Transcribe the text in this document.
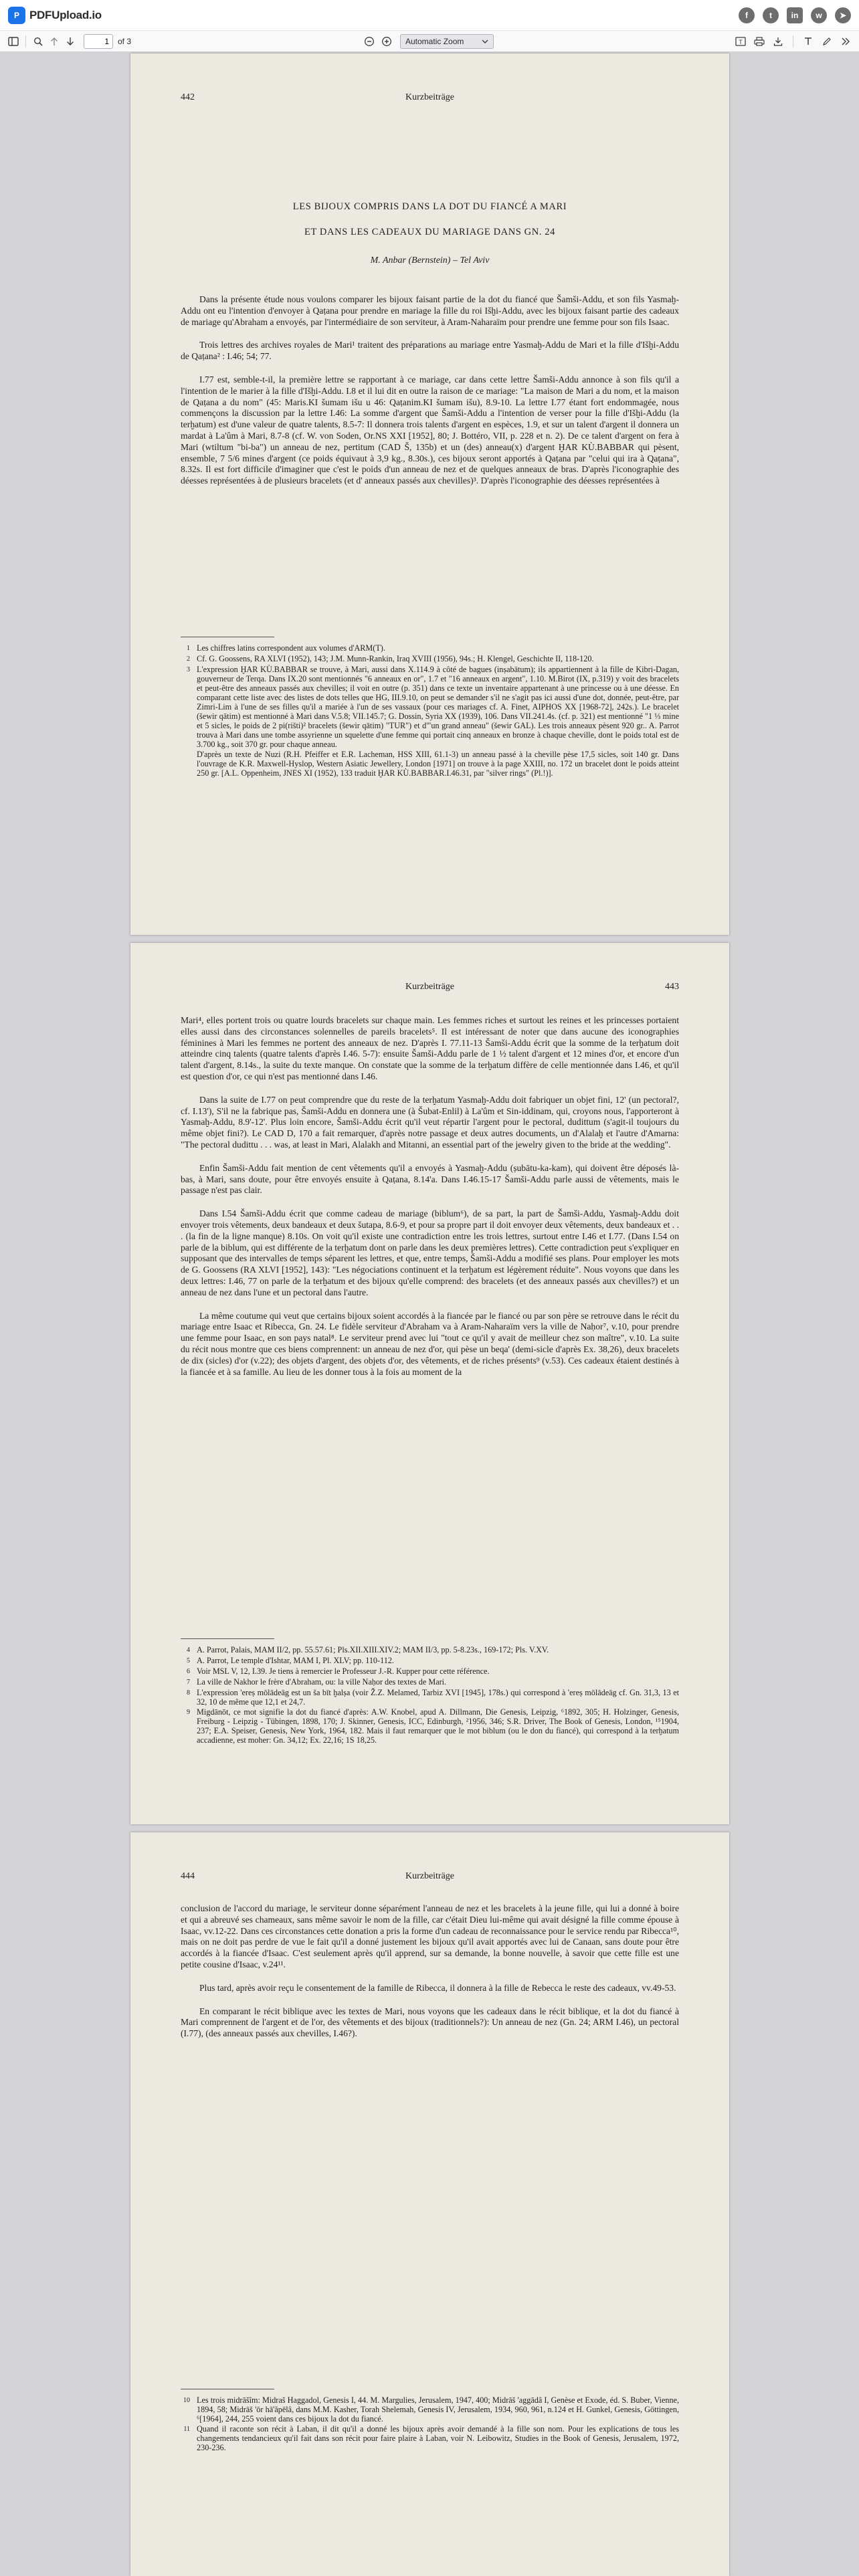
P PDFUpload.io	f	t	in	w	➤
1
of 3	Automatic Zoom	T
442	Kurzbeiträge
LES BIJOUX COMPRIS DANS LA DOT DU FIANCÉ A MARI
ET DANS LES CADEAUX DU MARIAGE DANS GN. 24
M. Anbar (Bernstein) – Tel Aviv
Dans la présente étude nous voulons comparer les bijoux faisant partie de la dot du fiancé que Šamši-Addu, et son fils Yasmaḫ-Addu ont eu l'intention d'envoyer à Qaṭana pour prendre en mariage la fille du roi Išḫi-Addu, avec les bijoux faisant partie des cadeaux de mariage qu'Abraham a envoyés, par l'intermédiaire de son serviteur, à Aram-Naharaïm pour prendre une femme pour son fils Isaac.
Trois lettres des archives royales de Mari¹ traitent des préparations au mariage entre Yasmaḫ-Addu de Mari et la fille d'Išḫi-Addu de Qaṭana² : I.46; 54; 77.
I.77 est, semble-t-il, la première lettre se rapportant à ce mariage, car dans cette lettre Šamši-Addu annonce à son fils qu'il a l'intention de le marier à la fille d'Išḫi-Addu. I.8 et il lui dit en outre la raison de ce mariage: "La maison de Mari a du nom, et la maison de Qaṭana a du nom" (45: Maris.KI šumam išu u 46: Qaṭanim.KI šumam išu), 8.9-10. La lettre I.77 étant fort endommagée, nous commençons la discussion par la lettre I.46: La somme d'argent que Šamši-Addu a l'intention de verser pour la fille d'Išḫi-Addu (la terḫatum) est d'une valeur de quatre talents, 8.5-7: Il donnera trois talents d'argent en espèces, 1.9, et sur un talent d'argent il donnera un mardat à La'ûm à Mari, 8.7-8 (cf. W. von Soden, Or.NS XXI [1952], 80; J. Bottéro, VII, p. 228 et n. 2). De ce talent d'argent on fera à Mari (wtiltum "bi-ba") un anneau de nez, pertitum (CAD Š, 135b) et un (des) anneau(x) d'argent ḪAR KÙ.BABBAR qui pèsent, ensemble, 7 5/6 mines d'argent (ce poids équivaut à 3,9 kg., 8.30s.), ces bijoux seront apportés à Qaṭana par "celui qui ira à Qaṭana", 8.32s. Il est fort difficile d'imaginer que c'est le poids d'un anneau de nez et de quelques anneaux de bras. D'après l'iconographie des déesses représentées à de plusieurs bracelets (et d' anneaux passés aux chevilles)³. D'après l'iconographie des déesses représentées à
1 Les chiffres latins correspondent aux volumes d'ARM(T).
2 Cf. G. Goossens, RA XLVI (1952), 143; J.M. Munn-Rankin, Iraq XVIII (1956), 94s.; H. Klengel, Geschichte II, 118-120.
3 L'expression ḪAR KÙ.BABBAR se trouve, à Mari, aussi dans X.114.9 à côté de bagues (inṣabātum); ils appartiennent à la fille de Kibri-Dagan, gouverneur de Terqa. Dans IX.20 sont mentionnés "6 anneaux en or", 1.7 et "16 anneaux en argent", 1.10. M.Birot (IX, p.319) y voit des bracelets et peut-être des anneaux passés aux chevilles; il voit en outre (p. 351) dans ce texte un inventaire appartenant à une princesse ou à une déesse. En comparant cette liste avec des listes de dots telles que HG, III.9.10, on peut se demander s'il ne s'agit pas ici aussi d'une dot, donnée, peut-être, par Zimri-Lim à l'une de ses filles qu'il a mariée à l'un de ses vassaux (pour ces mariages cf. A. Finet, AIPHOS XX [1968-72], 242s.). Le bracelet (šewir qātim) est mentionné à Mari dans V.5.8; VII.145.7; G. Dossin, Syria XX (1939), 106. Dans VII.241.4s. (cf. p. 321) est mentionné "1 ⅓ mine et 5 sicles, le poids de 2 pi(rišti)² bracelets (šewir qātim) "TUR") et d'"un grand anneau" (šewir GAL). Les trois anneaux pèsent 920 gr.. A. Parrot trouva à Mari dans une tombe assyrienne un squelette d'une femme qui portait cinq anneaux en bronze à chaque cheville, dont le poids total est de 3.700 kg., soit 370 gr. pour chaque anneau.
D'après un texte de Nuzi (R.H. Pfeiffer et E.R. Lacheman, HSS XIII, 61.1-3) un anneau passé à la cheville pèse 17,5 sicles, soit 140 gr. Dans l'ouvrage de K.R. Maxwell-Hyslop, Western Asiatic Jewellery, London [1971] on trouve à la page XXIII, no. 172 un bracelet dont le poids atteint 250 gr. [A.L. Oppenheim, JNES XI (1952), 133 traduit ḪAR KÙ.BABBAR.I.46.31, par "silver rings" (Pl.!)].
Kurzbeiträge	443
Mari⁴, elles portent trois ou quatre lourds bracelets sur chaque main. Les femmes riches et surtout les reines et les princesses portaient elles aussi dans des circonstances solennelles de pareils bracelets⁵. Il est intéressant de noter que dans aucune des iconographies féminines à Mari les femmes ne portent des anneaux de nez. D'après I. 77.11-13 Šamši-Addu écrit que la somme de la terḫatum doit atteindre cinq talents (quatre talents d'après I.46. 5-7): ensuite Šamši-Addu parle de 1 ½ talent d'argent et 12 mines d'or, et encore d'un talent d'argent, 8.14s., la suite du texte manque. On constate que la somme de la terḫatum diffère de celle mentionnée dans I.46, et qu'il est question d'or, ce qui n'est pas mentionné dans I.46.
Dans la suite de I.77 on peut comprendre que du reste de la terḫatum Yasmaḫ-Addu doit fabriquer un objet fini, 12' (un pectoral?, cf. I.13'), S'il ne la fabrique pas, Šamši-Addu en donnera une (à Šubat-Enlil) à La'ûm et Sin-iddinam, qui, croyons nous, l'apporteront à Yasmaḫ-Addu, 8.9'-12'. Plus loin encore, Šamši-Addu écrit qu'il veut répartir l'argent pour le pectoral, dudittum (s'agit-il toujours du même objet fini?). Le CAD D, 170 a fait remarquer, d'après notre passage et deux autres documents, un d'Alalaḫ et l'autre d'Amarna: "The pectoral dudittu . . . was, at least in Mari, Alalakh and Mitanni, an essential part of the jewelry given to the bride at the wedding".
Enfin Šamši-Addu fait mention de cent vêtements qu'il a envoyés à Yasmaḫ-Addu (ṣubātu-ka-kam), qui doivent être déposés là-bas, à Mari, sans doute, pour être envoyés ensuite à Qaṭana, 8.14'a. Dans I.46.15-17 Šamši-Addu parle aussi de vêtements, mais le passage n'est pas clair.
Dans I.54 Šamši-Addu écrit que comme cadeau de mariage (biblum⁶), de sa part, la part de Šamši-Addu, Yasmaḫ-Addu doit envoyer trois vêtements, deux bandeaux et deux šutapa, 8.6-9, et pour sa propre part il doit envoyer deux vêtements, deux bandeaux et . . . (la fin de la ligne manque) 8.10s. On voit qu'il existe une contradiction entre les trois lettres, surtout entre I.46 et I.77. (Dans I.54 on parle de la biblum, qui est différente de la terḫatum dont on parle dans les deux premières lettres). Cette contradiction peut s'expliquer en supposant que des intervalles de temps séparent les lettres, et que, entre temps, Šamši-Addu a modifié ses plans. Pour employer les mots de G. Goossens (RA XLVI [1952], 143): "Les négociations continuent et la terḫatum est légèrement réduite". Nous voyons que dans les deux lettres: I.46, 77 on parle de la terḫatum et des bijoux qu'elle comprend: des bracelets (et des anneaux passés aux chevilles?) et un anneau de nez dans l'une et un pectoral dans l'autre.
La même coutume qui veut que certains bijoux soient accordés à la fiancée par le fiancé ou par son père se retrouve dans le récit du mariage entre Isaac et Ribecca, Gn. 24. Le fidèle serviteur d'Abraham va à Aram-Naharaïm vers la ville de Naḥor⁷, v.10, pour prendre une femme pour Isaac, en son pays natal⁸. Le serviteur prend avec lui "tout ce qu'il y avait de meilleur chez son maître", v.10. La suite du récit nous montre que ces biens comprennent: un anneau de nez d'or, qui pèse un beqa' (demi-sicle d'après Ex. 38,26), deux bracelets de dix (sicles) d'or (v.22); des objets d'argent, des objets d'or, des vêtements, et de riches présents⁹ (v.53). Ces cadeaux étaient destinés à la fiancée et à sa famille. Au lieu de les donner tous à la fois au moment de la
4 A. Parrot, Palais, MAM II/2, pp. 55.57.61; Pls.XII.XIII.XIV.2; MAM II/3, pp. 5-8.23s., 169-172; Pls. V.XV.
5 A. Parrot, Le temple d'Ishtar, MAM I, Pl. XLV; pp. 110-112.
6 Voir MSL V, 12, I.39. Je tiens à remercier le Professeur J.-R. Kupper pour cette référence.
7 La ville de Nakhor le frère d'Abraham, ou: la ville Naḥor des textes de Mari.
8 L'expression 'ereṣ mōlādeāg est un ša bīt ḫalṣa (voir Ž.Z. Melamed, Tarbiz XVI [1945], 178s.) qui correspond à 'ereṣ mōlādeāg cf. Gn. 31,3, 13 et 32, 10 de même que 12,1 et 24,7.
9 Migdānōt, ce mot signifie la dot du fiancé d'après: A.W. Knobel, apud A. Dillmann, Die Genesis, Leipzig, ⁶1892, 305; H. Holzinger, Genesis, Freiburg - Leipzig - Tübingen, 1898, 170; J. Skinner, Genesis, ICC, Edinburgh, ²1956, 346; S.R. Driver, The Book of Genesis, London, ¹⁵1904, 237; E.A. Speiser, Genesis, New York, 1964, 182. Mais il faut remarquer que le mot biblum (ou le don du fiancé), qui correspond à la terḫatum accadienne, est moher: Gn. 34,12; Ex. 22,16; 1S 18,25.
444	Kurzbeiträge
conclusion de l'accord du mariage, le serviteur donne séparément l'anneau de nez et les bracelets à la jeune fille, qui lui a donné à boire et qui a abreuvé ses chameaux, sans même savoir le nom de la fille, car c'était Dieu lui-même qui avait désigné la fille comme épouse à Isaac, vv.12-22. Dans ces circonstances cette donation a pris la forme d'un cadeau de reconnaissance pour le service rendu par Ribecca¹⁰, mais on ne doit pas perdre de vue le fait qu'il a donné justement les bijoux qu'il avait apportés avec lui de Canaan, sans doute pour être accordés à la fiancée d'Isaac. C'est seulement après qu'il apprend, sur sa demande, la bonne nouvelle, à savoir que cette fille est une petite cousine d'Isaac, v.24¹¹.
Plus tard, après avoir reçu le consentement de la famille de Ribecca, il donnera à la fille de Rebecca le reste des cadeaux, vv.49-53.
En comparant le récit biblique avec les textes de Mari, nous voyons que les cadeaux dans le récit biblique, et la dot du fiancé à Mari comprennent de l'argent et de l'or, des vêtements et des bijoux (traditionnels?): Un anneau de nez (Gn. 24; ARM I.46), un pectoral (I.77), (des anneaux passés aux chevilles, I.46?).
10 Les trois midrāšîm: Midraš Haggadol, Genesis I, 44. M. Margulies, Jerusalem, 1947, 400; Midrāš 'aggādâ I, Genèse et Exode, éd. S. Buber, Vienne, 1894, 58; Midrāš 'ōr hā'ăpēlâ, dans M.M. Kasher, Torah Shelemah, Genesis IV, Jerusalem, 1934, 960, 961, n.124 et H. Gunkel, Genesis, Göttingen, ⁶[1964], 244, 255 voient dans ces bijoux la dot du fiancé.
11 Quand il raconte son récit à Laban, il dit qu'il a donné les bijoux après avoir demandé à la fille son nom. Pour les explications de tous les changements tendancieux qu'il fait dans son récit pour faire plaire à Laban, voir N. Leibowitz, Studies in the Book of Genesis, Jerusalem, 1972, 230-236.
